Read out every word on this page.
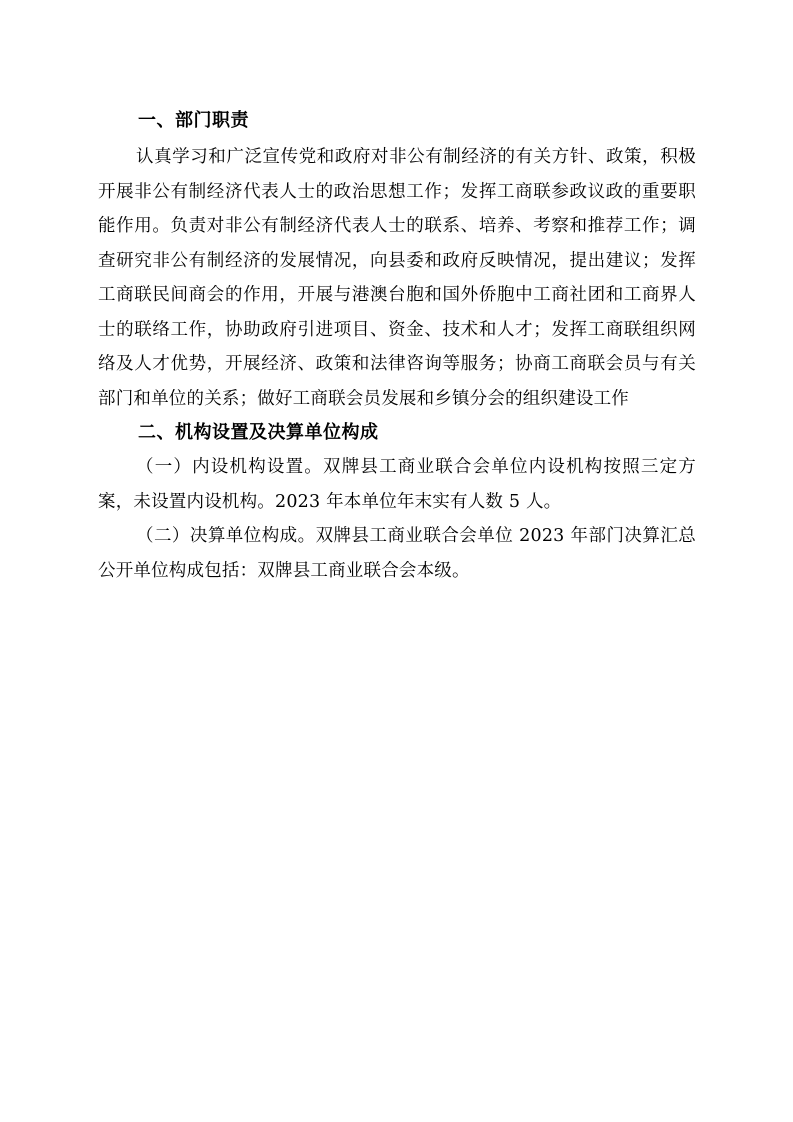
一、部门职责

认真学习和广泛宣传党和政府对非公有制经济的有关方针、政策，积极开展非公有制经济代表人士的政治思想工作；发挥工商联参政议政的重要职能作用。负责对非公有制经济代表人士的联系、培养、考察和推荐工作；调查研究非公有制经济的发展情况，向县委和政府反映情况，提出建议；发挥工商联民间商会的作用，开展与港澳台胞和国外侨胞中工商社团和工商界人士的联络工作，协助政府引进项目、资金、技术和人才；发挥工商联组织网络及人才优势，开展经济、政策和法律咨询等服务；协商工商联会员与有关部门和单位的关系；做好工商联会员发展和乡镇分会的组织建设工作

二、机构设置及决算单位构成

（一）内设机构设置。双牌县工商业联合会单位内设机构按照三定方案，未设置内设机构。2023 年本单位年末实有人数 5 人。

（二）决算单位构成。双牌县工商业联合会单位 2023 年部门决算汇总公开单位构成包括：双牌县工商业联合会本级。
